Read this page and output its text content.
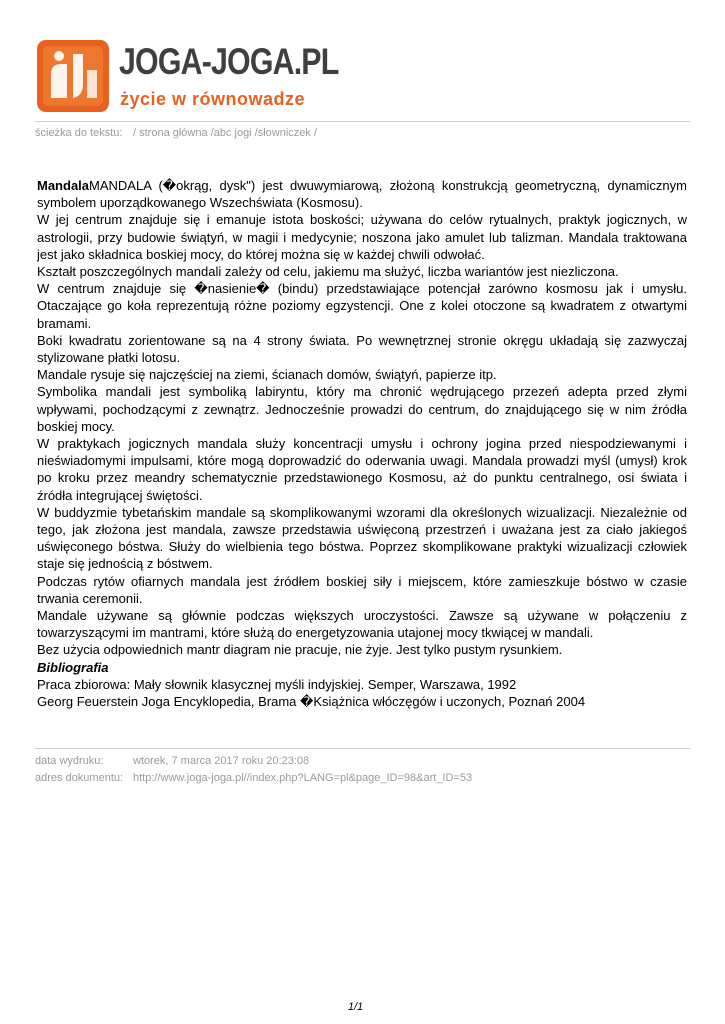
JOGA-JOGA.PL
życie w równowadze
ścieżka do tekstu: / strona główna /abc jogi /słowniczek /

MandalaMANDALA (�okrąg, dysk") jest dwuwymiarową, złożoną konstrukcją geometryczną, dynamicznym symbolem uporządkowanego Wszechświata (Kosmosu).

W jej centrum znajduje się i emanuje istota boskości; używana do celów rytualnych, praktyk jogicznych, w astrologii, przy budowie świątyń, w magii i medycynie; noszona jako amulet lub talizman. Mandala traktowana jest jako składnica boskiej mocy, do której można się w każdej chwili odwołać.

Kształt poszczególnych mandali zależy od celu, jakiemu ma służyć, liczba wariantów jest niezliczona.

W centrum znajduje się �nasienie� (bindu) przedstawiające potencjał zarówno kosmosu jak i umysłu. Otaczające go koła reprezentują różne poziomy egzystencji. One z kolei otoczone są kwadratem z otwartymi bramami.

Boki kwadratu zorientowane są na 4 strony świata. Po wewnętrznej stronie okręgu układają się zazwyczaj stylizowane płatki lotosu.

Mandale rysuje się najczęściej na ziemi, ścianach domów, świątyń, papierze itp.

Symbolika mandali jest symboliką labiryntu, który ma chronić wędrującego przezeń adepta przed złymi wpływami, pochodzącymi z zewnątrz. Jednocześnie prowadzi do centrum, do znajdującego się w nim źródła boskiej mocy.

W praktykach jogicznych mandala służy koncentracji umysłu i ochrony jogina przed niespodziewanymi i nieświadomymi impulsami, które mogą doprowadzić do oderwania uwagi. Mandala prowadzi myśl (umysł) krok po kroku przez meandry schematycznie przedstawionego Kosmosu, aż do punktu centralnego, osi świata i źródła integrującej świętości.

W buddyzmie tybetańskim mandale są skomplikowanymi wzorami dla określonych wizualizacji. Niezależnie od tego, jak złożona jest mandala, zawsze przedstawia uświęconą przestrzeń i uważana jest za ciało jakiegoś uświęconego bóstwa. Służy do wielbienia tego bóstwa. Poprzez skomplikowane praktyki wizualizacji człowiek staje się jednością z bóstwem.

Podczas rytów ofiarnych mandala jest źródłem boskiej siły i miejscem, które zamieszkuje bóstwo w czasie trwania ceremonii.

Mandale używane są głównie podczas większych uroczystości. Zawsze są używane w połączeniu z towarzyszącymi im mantrami, które służą do energetyzowania utajonej mocy tkwiącej w mandali.

Bez użycia odpowiednich mantr diagram nie pracuje, nie żyje. Jest tylko pustym rysunkiem.

Bibliografia

Praca zbiorowa: Mały słownik klasycznej myśli indyjskiej. Semper, Warszawa, 1992

Georg Feuerstein Joga Encyklopedia, Brama �Książnica włóczęgów i uczonych, Poznań 2004

data wydruku:	wtorek, 7 marca 2017 roku 20:23:08
adres dokumentu: http://www.joga-joga.pl//index.php?LANG=pl&page_ID=98&art_ID=53
1/1
